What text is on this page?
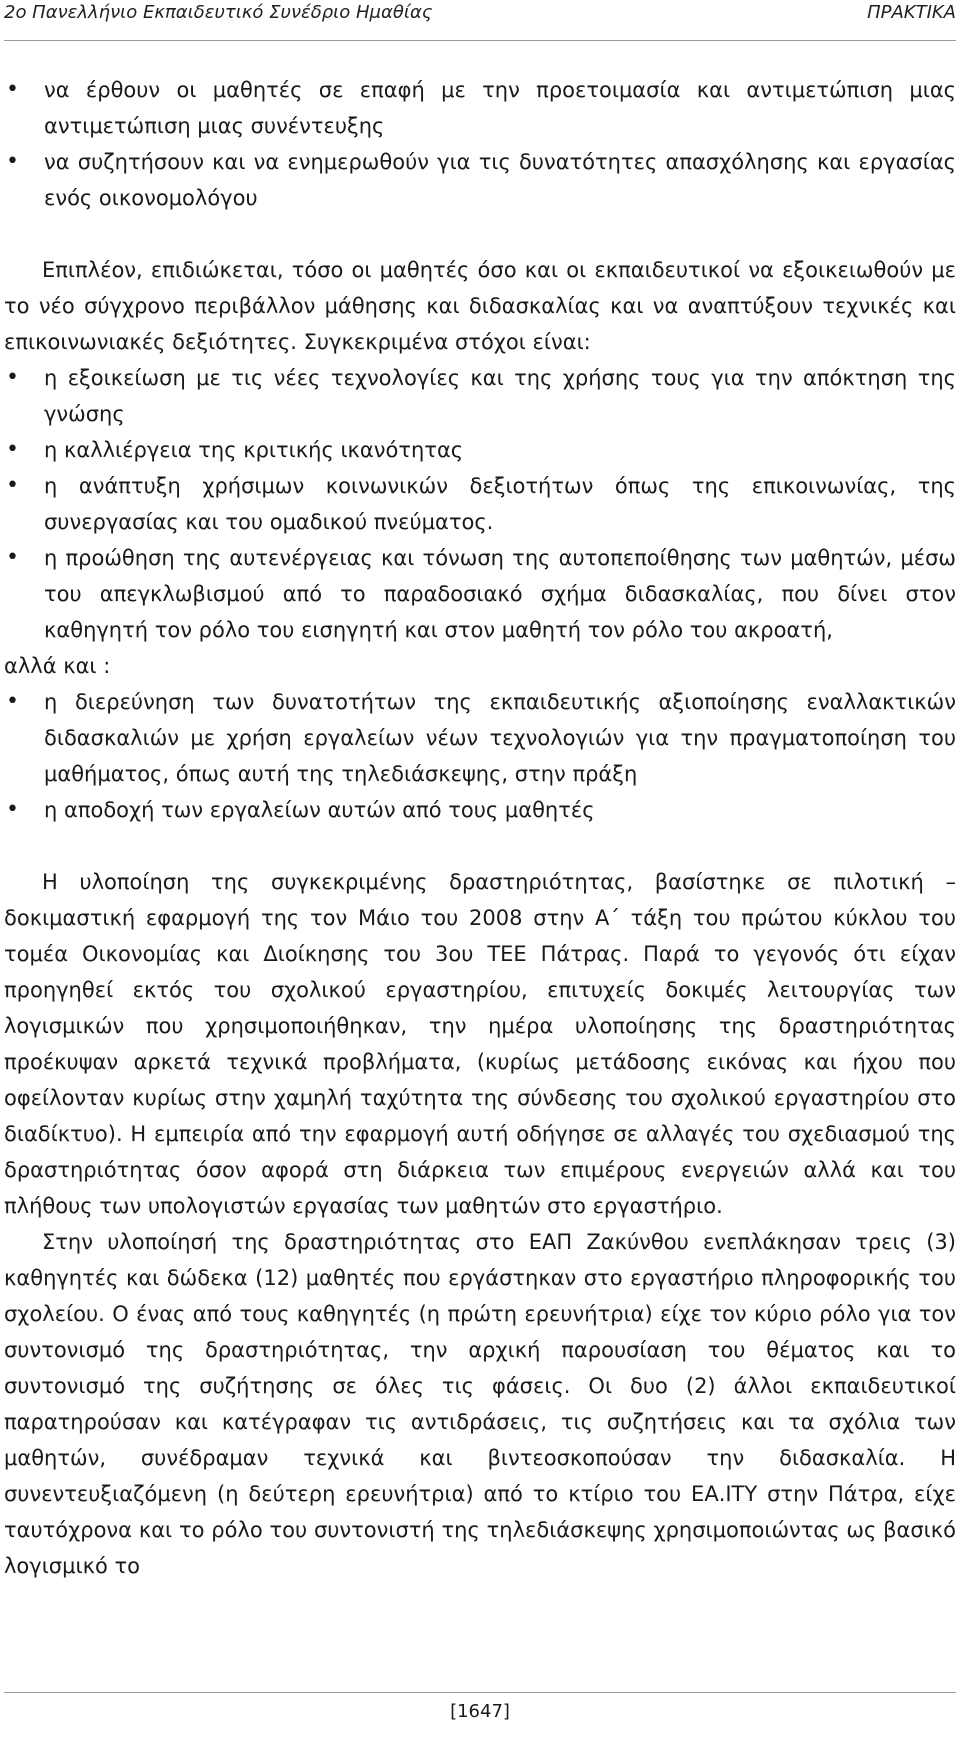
2ο Πανελλήνιο Εκπαιδευτικό Συνέδριο Ημαθίας	ΠΡΑΚΤΙΚΑ
• να έρθουν οι μαθητές σε επαφή με την προετοιμασία και αντιμετώπιση μιας αντιμετώπιση μιας συνέντευξης
• να συζητήσουν και να ενημερωθούν για τις δυνατότητες απασχόλησης και εργασίας ενός οικονομολόγου

Επιπλέον, επιδιώκεται, τόσο οι μαθητές όσο και οι εκπαιδευτικοί να εξοικειωθούν με το νέο σύγχρονο περιβάλλον μάθησης και διδασκαλίας και να αναπτύξουν τεχνικές και επικοινωνιακές δεξιότητες. Συγκεκριμένα στόχοι είναι:

• η εξοικείωση με τις νέες τεχνολογίες και της χρήσης τους για την απόκτηση της γνώσης
• η καλλιέργεια της κριτικής ικανότητας
• η ανάπτυξη χρήσιμων κοινωνικών δεξιοτήτων όπως της επικοινωνίας, της συνεργασίας και του ομαδικού πνεύματος.
• η προώθηση της αυτενέργειας και τόνωση της αυτοπεποίθησης των μαθητών, μέσω του απεγκλωβισμού από το παραδοσιακό σχήμα διδασκαλίας, που δίνει στον καθηγητή τον ρόλο του εισηγητή και στον μαθητή τον ρόλο του ακροατή,

αλλά και :

• η διερεύνηση των δυνατοτήτων της εκπαιδευτικής αξιοποίησης εναλλακτικών διδασκαλιών με χρήση εργαλείων νέων τεχνολογιών για την πραγματοποίηση του μαθήματος, όπως αυτή της τηλεδιάσκεψης, στην πράξη
• η αποδοχή των εργαλείων αυτών από τους μαθητές

Η υλοποίηση της συγκεκριμένης δραστηριότητας, βασίστηκε σε πιλοτική – δοκιμαστική εφαρμογή της τον Μάιο του 2008 στην Α΄ τάξη του πρώτου κύκλου του τομέα Οικονομίας και Διοίκησης του 3ου ΤΕΕ Πάτρας. Παρά το γεγονός ότι είχαν προηγηθεί εκτός του σχολικού εργαστηρίου, επιτυχείς δοκιμές λειτουργίας των λογισμικών που χρησιμοποιήθηκαν, την ημέρα υλοποίησης της δραστηριότητας προέκυψαν αρκετά τεχνικά προβλήματα, (κυρίως μετάδοσης εικόνας και ήχου που οφείλονταν κυρίως στην χαμηλή ταχύτητα της σύνδεσης του σχολικού εργαστηρίου στο διαδίκτυο). Η εμπειρία από την εφαρμογή αυτή οδήγησε σε αλλαγές του σχεδιασμού της δραστηριότητας όσον αφορά στη διάρκεια των επιμέρους ενεργειών αλλά και του πλήθους των υπολογιστών εργασίας των μαθητών στο εργαστήριο.

Στην υλοποίησή της δραστηριότητας στο ΕΑΠ Ζακύνθου ενεπλάκησαν τρεις (3) καθηγητές και δώδεκα (12) μαθητές που εργάστηκαν στο εργαστήριο πληροφορικής του σχολείου. Ο ένας από τους καθηγητές (η πρώτη ερευνήτρια) είχε τον κύριο ρόλο για τον συντονισμό της δραστηριότητας, την αρχική παρουσίαση του θέματος και το συντονισμό της συζήτησης σε όλες τις φάσεις. Οι δυο (2) άλλοι εκπαιδευτικοί παρατηρούσαν και κατέγραφαν τις αντιδράσεις, τις συζητήσεις και τα σχόλια των μαθητών, συνέδραμαν τεχνικά και βιντεοσκοπούσαν την διδασκαλία. Η συνεντευξιαζόμενη (η δεύτερη ερευνήτρια) από το κτίριο του ΕΑ.ΙΤΥ στην Πάτρα, είχε ταυτόχρονα και το ρόλο του συντονιστή της τηλεδιάσκεψης χρησιμοποιώντας ως βασικό λογισμικό το

[1647]
